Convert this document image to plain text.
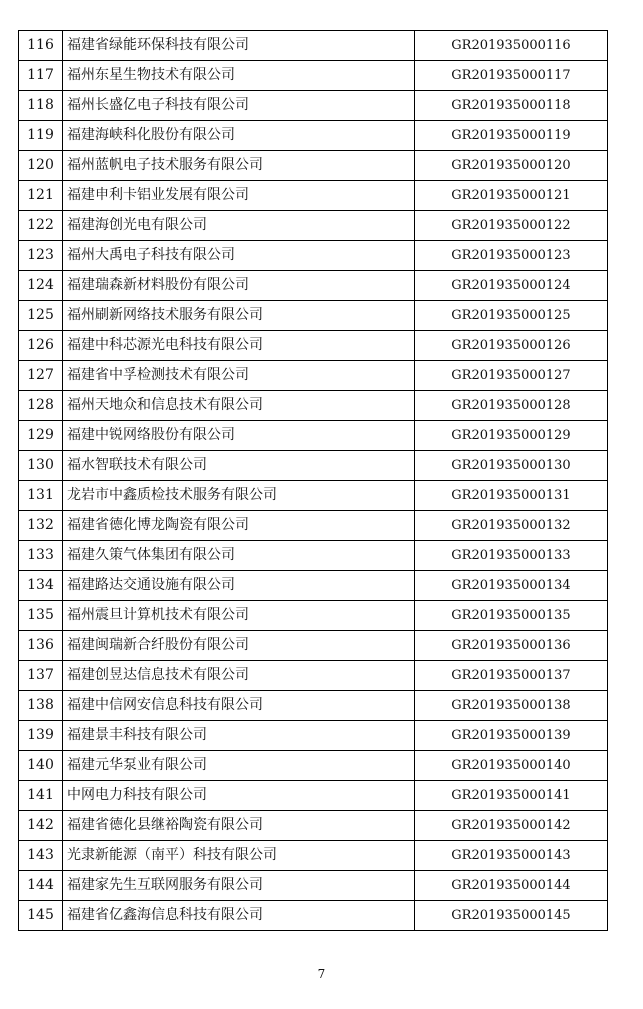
116	福建省绿能环保科技有限公司	GR201935000116
117	福州东星生物技术有限公司	GR201935000117
118	福州长盛亿电子科技有限公司	GR201935000118
119	福建海峡科化股份有限公司	GR201935000119
120	福州蓝帆电子技术服务有限公司	GR201935000120
121	福建申利卡铝业发展有限公司	GR201935000121
122	福建海创光电有限公司	GR201935000122
123	福州大禹电子科技有限公司	GR201935000123
124	福建瑞森新材料股份有限公司	GR201935000124
125	福州刷新网络技术服务有限公司	GR201935000125
126	福建中科芯源光电科技有限公司	GR201935000126
127	福建省中孚检测技术有限公司	GR201935000127
128	福州天地众和信息技术有限公司	GR201935000128
129	福建中锐网络股份有限公司	GR201935000129
130	福水智联技术有限公司	GR201935000130
131	龙岩市中鑫质检技术服务有限公司	GR201935000131
132	福建省德化博龙陶瓷有限公司	GR201935000132
133	福建久策气体集团有限公司	GR201935000133
134	福建路达交通设施有限公司	GR201935000134
135	福州震旦计算机技术有限公司	GR201935000135
136	福建闽瑞新合纤股份有限公司	GR201935000136
137	福建创昱达信息技术有限公司	GR201935000137
138	福建中信网安信息科技有限公司	GR201935000138
139	福建景丰科技有限公司	GR201935000139
140	福建元华泵业有限公司	GR201935000140
141	中网电力科技有限公司	GR201935000141
142	福建省德化县继裕陶瓷有限公司	GR201935000142
143	光隶新能源（南平）科技有限公司	GR201935000143
144	福建家先生互联网服务有限公司	GR201935000144
145	福建省亿鑫海信息科技有限公司	GR201935000145
7
